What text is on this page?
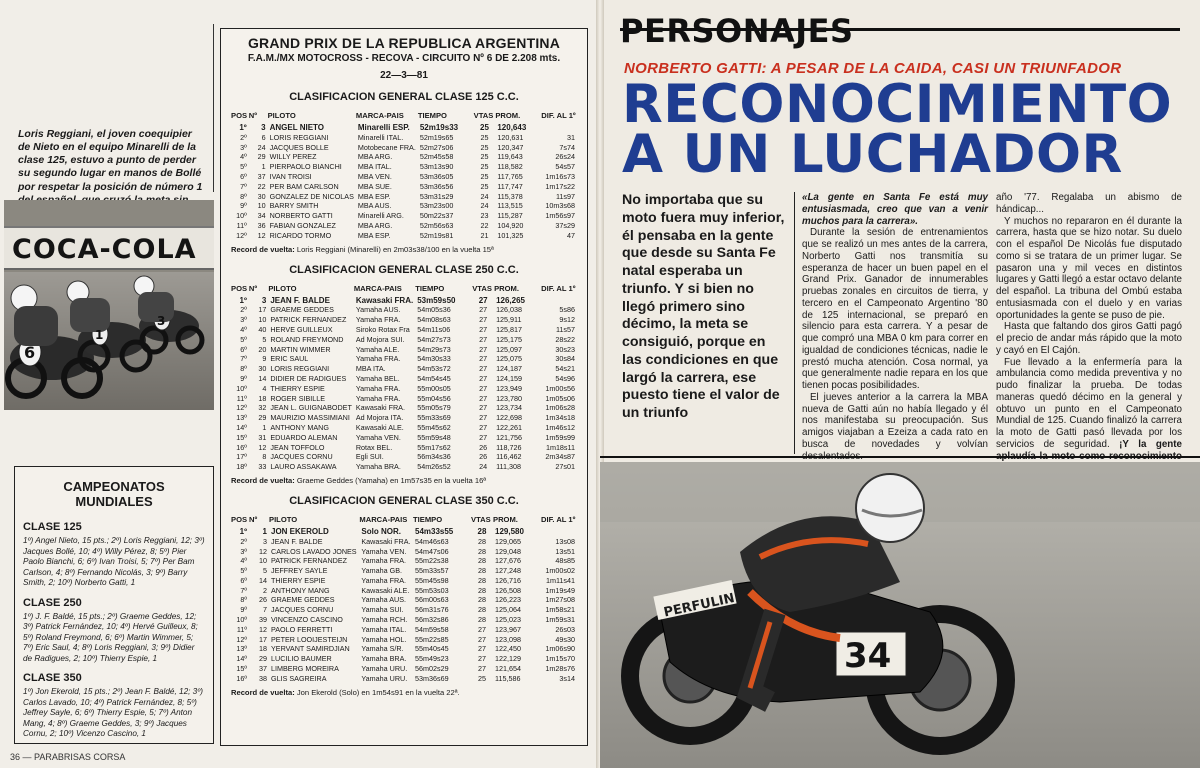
Loris Reggiani, el joven coequipier de Nieto en el equipo Minarelli de la clase 125, estuvo a punto de perder su segundo lugar en manos de Bollé por respetar la posición de número 1

COCA-COLA
6
1
3
CAMPEONATOS MUNDIALES
CLASE 125
1º) Angel Nieto, 15 pts.; 2º) Loris Reggiani, 12; 3º) Jacques Bollé, 10; 4º) Willy Pérez, 8; 5º) Pier Paolo Bianchi, 6; 6º) Ivan Troisi, 5; 7º) Per Bam Carlson, 4; 8º) Fernando Nicolás, 3; 9º) Barry Smith, 2; 10º) Norberto Gatti, 1
CLASE 250
1º) J. F. Baldé, 15 pts.; 2º) Graeme Geddes, 12; 3º) Patrick Fernández, 10; 4º) Hervé Guilleux, 8; 5º) Roland Freymond, 6; 6º) Martin Wimmer, 5; 7º) Eric Saul, 4; 8º) Loris Reggiani, 3; 9º) Didier de Radigues, 2; 10º) Thierry Espie, 1
CLASE 350
1º) Jon Ekerold, 15 pts.; 2º) Jean F. Baldé, 12; 3º) Carlos Lavado, 10; 4º) Patrick Fernández, 8; 5º) Jeffrey Sayle, 6; 6º) Thierry Espie, 5; 7º) Anton Mang, 4; 8º) Graeme Geddes, 3; 9º) Jacques Cornu, 2; 10º) Vicenzo Cascino, 1
36 — PARABRISAS CORSA
GRAND PRIX DE LA REPUBLICA ARGENTINA
F.A.M./MX MOTOCROSS - RECOVA - CIRCUITO Nº 6 DE 2.208 mts.
22—3—81
CLASIFICACION GENERAL CLASE 125 C.C.
POS	Nº	PILOTO	MARCA-PAIS	TIEMPO	VTAS	PROM.	DIF. AL 1º
1º	3	ANGEL NIETO	Minarelli ESP.	52m19s33	25	120,643	
2º	6	LORIS REGGIANI	Minarelli ITAL.	52m19s65	25	120,631	31
3º	24	JACQUES BOLLE	Motobecane FRA.	52m27s06	25	120,347	7s74
4º	29	WILLY PEREZ	MBA ARG.	52m45s58	25	119,643	26s24
5º	1	PIERPAOLO BIANCHI	MBA ITAL.	53m13s90	25	118,582	54s57
6º	37	IVAN TROISI	MBA VEN.	53m36s05	25	117,765	1m16s73
7º	22	PER BAM CARLSON	MBA SUE.	53m36s56	25	117,747	1m17s22
8º	30	GONZALEZ DE NICOLAS	MBA ESP.	53m31s29	24	115,378	11s97
9º	10	BARRY SMITH	MBA AUS.	53m23s00	24	113,515	10m3s68
10º	34	NORBERTO GATTI	Minarelli ARG.	50m22s37	23	115,287	1m56s97
11º	36	FABIAN GONZALEZ	MBA ARG.	52m56s63	22	104,920	37s29
12º	12	RICARDO TORMO	MBA ESP.	52m19s81	21	101,325	47
Record de vuelta: Loris Reggiani (Minarelli) en 2m03s38/100 en la vuelta 15ª
CLASIFICACION GENERAL CLASE 250 C.C.
POS	Nº	PILOTO	MARCA-PAIS	TIEMPO	VTAS	PROM.	DIF. AL 1º
1º	3	JEAN F. BALDE	Kawasaki FRA.	53m59s50	27	126,265	
2º	17	GRAEME GEDDES	Yamaha AUS.	54m05s36	27	126,038	5s86
3º	10	PATRICK FERNANDEZ	Yamaha FRA.	54m08s63	27	125,911	9s12
4º	40	HERVE GUILLEUX	Siroko Rotax Fra	54m11s06	27	125,817	11s57
5º	5	ROLAND FREYMOND	Ad Mojora SUI.	54m27s73	27	125,175	28s22
6º	20	MARTIN WIMMER	Yamaha ALE.	54m29s73	27	125,097	30s23
7º	9	ERIC SAUL	Yamaha FRA.	54m30s33	27	125,075	30s84
8º	30	LORIS REGGIANI	MBA ITA.	54m53s72	27	124,187	54s21
9º	14	DIDIER DE RADIGUES	Yamaha BEL.	54m54s45	27	124,159	54s96
10º	4	THIERRY ESPIE	Yamaha FRA.	55m00s05	27	123,949	1m00s56
11º	18	ROGER SIBILLE	Yamaha FRA.	55m04s56	27	123,780	1m05s06
12º	32	JEAN L. GUIGNABODET	Kawasaki FRA.	55m05s79	27	123,734	1m06s28
13º	29	MAURIZIO MASSIMIANI	Ad Mojora ITA.	55m33s69	27	122,698	1m34s18
14º	1	ANTHONY MANG	Kawasaki ALE.	55m45s62	27	122,261	1m46s12
15º	31	EDUARDO ALEMAN	Yamaha VEN.	55m59s48	27	121,756	1m59s99
16º	12	JEAN TOFFOLO	Rotax BEL.	55m17s62	26	118,726	1m18s11
17º	8	JACQUES CORNU	Egli SUI.	56m34s36	26	116,462	2m34s87
18º	33	LAURO ASSAKAWA	Yamaha BRA.	54m26s52	24	111,308	27s01
Record de vuelta: Graeme Geddes (Yamaha) en 1m57s35 en la vuelta 16ª
CLASIFICACION GENERAL CLASE 350 C.C.
POS	Nº	PILOTO	MARCA-PAIS	TIEMPO	VTAS	PROM.	DIF. AL 1º
1º	1	JON EKEROLD	Solo NOR.	54m33s55	28	129,580	
2º	3	JEAN F. BALDE	Kawasaki FRA.	54m46s63	28	129,065	13s08
3º	12	CARLOS LAVADO JONES	Yamaha VEN.	54m47s06	28	129,048	13s51
4º	10	PATRICK FERNANDEZ	Yamaha FRA.	55m22s38	28	127,676	48s85
5º	5	JEFFREY SAYLE	Yamaha GB.	55m33s57	28	127,248	1m00s02
6º	14	THIERRY ESPIE	Yamaha FRA.	55m45s98	28	126,716	1m11s41
7º	2	ANTHONY MANG	Kawasaki ALE.	55m53s03	28	126,508	1m19s49
8º	26	GRAEME GEDDES	Yamaha AUS.	56m00s63	28	126,223	1m27s08
9º	7	JACQUES CORNU	Yamaha SUI.	56m31s76	28	125,064	1m58s21
10º	39	VINCENZO CASCINO	Yamaha RCH.	56m32s86	28	125,023	1m59s31
11º	12	PAOLO FERRETTI	Yamaha ITAL.	54m59s58	27	123,967	26s03
12º	17	PETER LOOIJESTEIJN	Yamaha HOL.	55m22s85	27	123,098	49s30
13º	18	YERVANT SAMIRDJIAN	Yamaha S/R.	55m40s45	27	122,450	1m06s90
14º	29	LUCILIO BAUMER	Yamaha BRA.	55m49s23	27	122,129	1m15s70
15º	37	LIMBERG MOREIRA	Yamaha URU.	56m02s29	27	121,654	1m28s76
16º	38	GLIS SAGREIRA	Yamaha URU.	53m36s69	25	115,586	3s14
Record de vuelta: Jon Ekerold (Solo) en 1m54s91 en la vuelta 22ª.
PERSONAJES
NORBERTO GATTI: A PESAR DE LA CAIDA, CASI UN TRIUNFADOR
RECONOCIMIENTO
A UN LUCHADOR
No importaba que su moto fuera muy inferior, él pensaba en la gente que desde su Santa Fe natal esperaba un triunfo. Y si bien no llegó primero sino décimo, la meta se consiguió, porque en las condiciones en que largó la carrera, ese puesto tiene el valor de un triunfo

«La gente en Santa Fe está muy entusiasmada, creo que van a venir muchos para la carrera».

Durante la sesión de entrenamientos que se realizó un mes antes de la carrera, Norberto Gatti nos transmitía su esperanza de hacer un buen papel en el Grand Prix. Ganador de innumerables pruebas zonales en circuitos de tierra, y tercero en el Campeonato Argentino '80 de 125 internacional, se preparó en silencio para esta carrera. Y a pesar de que compró una MBA 0 km para correr en igualdad de condiciones técnicas, nadie le prestó mucha atención. Cosa normal, ya que generalmente nadie repara en los que tienen pocas posibilidades.

El jueves anterior a la carrera la MBA nueva de Gatti aún no había llegado y él nos manifestaba su preocupación. Sus amigos viajaban a Ezeiza a cada rato en busca de novedades y volvían

año '77. Regalaba un abismo de hándicap...

Y muchos no repararon en él durante la carrera, hasta que se hizo notar. Su duelo con el español De Nicolás fue disputado como si se tratara de un primer lugar. Se pasaron una y mil veces en distintos lugares y Gatti llegó a estar octavo delante del español. La tribuna del Ombú estaba entusiasmada con el duelo y en varias oportunidades la gente se puso de pie.

Hasta que faltando dos giros Gatti pagó el precio de andar más rápido que la moto y cayó en El Cajón.

Fue llevado a la enfermería para la ambulancia como medida preventiva y no pudo finalizar la prueba. De todas maneras quedó décimo en la general y obtuvo un punto en el Campeonato Mundial de 125. Cuando finalizó la carrera la moto de Gatti pasó llevada por los servicios de seguridad. ¡Y la gente

PERFULIN
34
